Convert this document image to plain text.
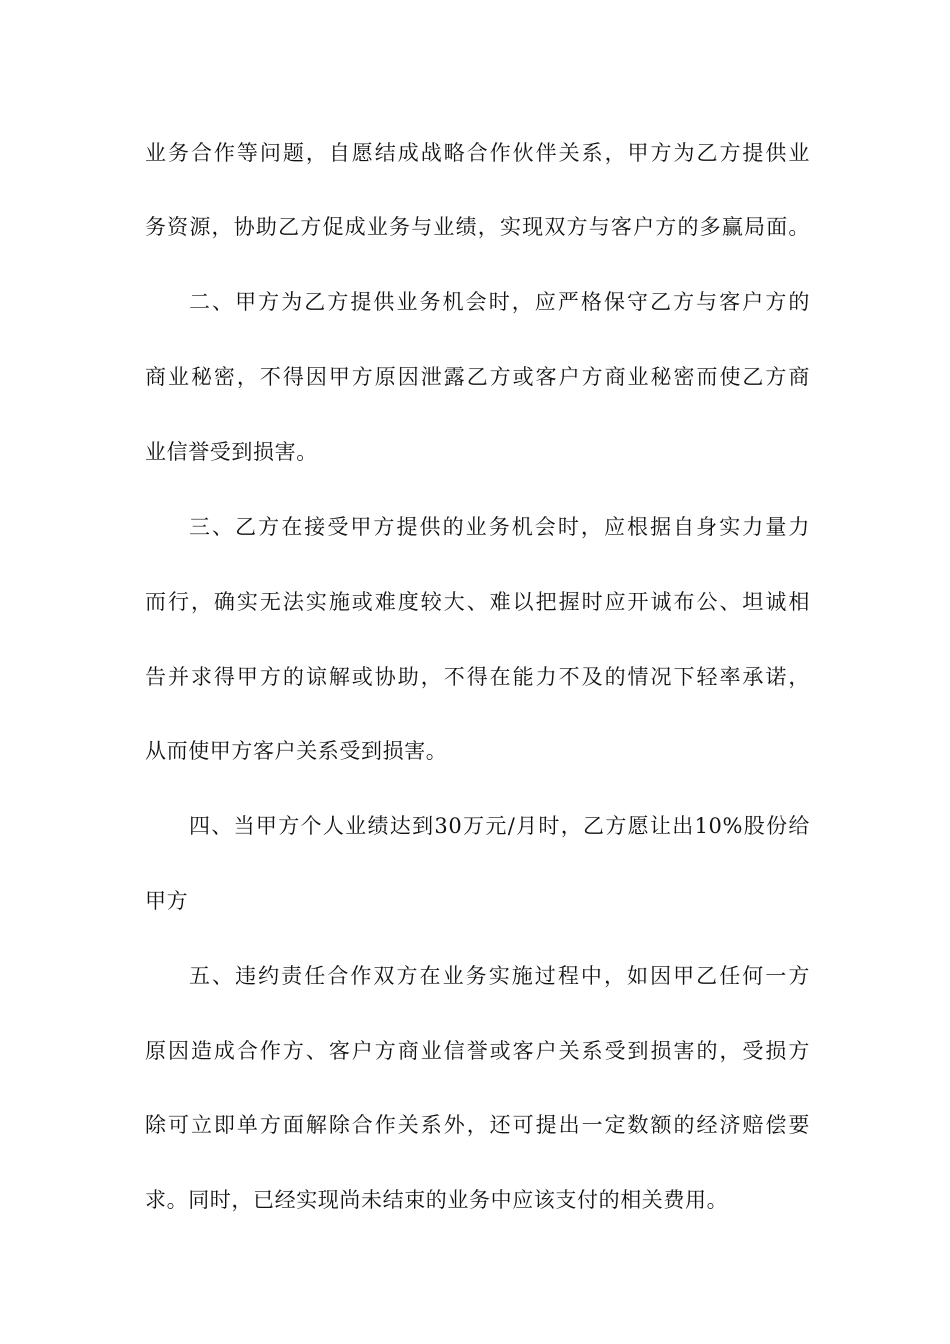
业务合作等问题，自愿结成战略合作伙伴关系，甲方为乙方提供业
务资源，协助乙方促成业务与业绩，实现双方与客户方的多赢局面。
二、甲方为乙方提供业务机会时，应严格保守乙方与客户方的
商业秘密，不得因甲方原因泄露乙方或客户方商业秘密而使乙方商
业信誉受到损害。
三、乙方在接受甲方提供的业务机会时，应根据自身实力量力
而行，确实无法实施或难度较大、难以把握时应开诚布公、坦诚相
告并求得甲方的谅解或协助，不得在能力不及的情况下轻率承诺，
从而使甲方客户关系受到损害。
四、当甲方个人业绩达到30万元/月时，乙方愿让出10%股份给
甲方
五、违约责任合作双方在业务实施过程中，如因甲乙任何一方
原因造成合作方、客户方商业信誉或客户关系受到损害的，受损方
除可立即单方面解除合作关系外，还可提出一定数额的经济赔偿要
求。同时，已经实现尚未结束的业务中应该支付的相关费用。
